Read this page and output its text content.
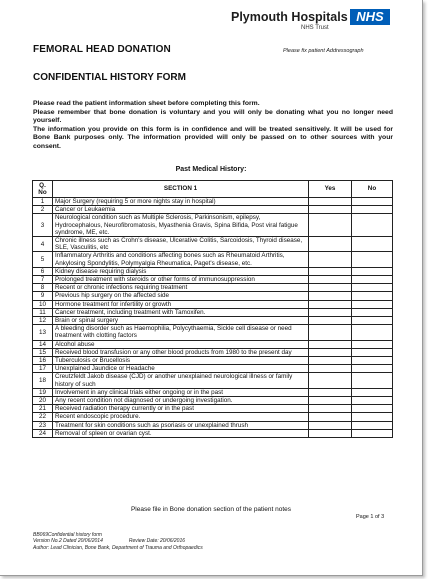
Plymouth Hospitals NHS
NHS Trust
FEMORAL HEAD DONATION	Please fix patient Addressograph
CONFIDENTIAL HISTORY FORM

Please read the patient information sheet before completing this form.

Please remember that bone donation is voluntary and you will only be donating what you no longer need yourself.

The information you provide on this form is in confidence and will be treated sensitively. It will be used for Bone Bank purposes only. The information provided will only be passed on to other sources with your consent.

Past Medical History:
Q. No	SECTION 1	Yes	No
1	Major Surgery (requiring 5 or more nights stay in hospital)		
2	Cancer or Leukaemia		
3	Neurological condition such as Multiple Sclerosis, Parkinsonism, epilepsy, Hydrocephalous, Neurofibromatosis, Myasthenia Gravis, Spina Bifida, Post viral fatigue syndrome, ME, etc.		
4	Chronic illness such as Crohn's disease, Ulcerative Colitis, Sarcoidosis, Thyroid disease, SLE, Vasculitis, etc		
5	Inflammatory Arthritis and conditions affecting bones such as Rheumatoid Arthritis, Ankylosing Spondylitis, Polymyalgia Rheumatica, Paget's disease, etc.		
6	Kidney disease requiring dialysis		
7	Prolonged treatment with steroids or other forms of immunosuppression		
8	Recent or chronic infections requiring treatment		
9	Previous hip surgery on the affected side		
10	Hormone treatment for infertility or growth		
11	Cancer treatment, including treatment with Tamoxifen.		
12	Brain or spinal surgery		
13	A bleeding disorder such as Haemophilia, Polycythaemia, Sickle cell disease or need treatment with clotting factors		
14	Alcohol abuse		
15	Received blood transfusion or any other blood products from 1980 to the present day		
16	Tuberculosis or Brucellosis		
17	Unexplained Jaundice or Headache		
18	Creutzfeldt Jakob disease (CJD) or another unexplained neurological illness or family history of such		
19	Involvement in any clinical trials either ongoing or in the past		
20	Any recent condition not diagnosed or undergoing investigation.		
21	Received radiation therapy currently or in the past		
22	Recent endoscopic procedure.		
23	Treatment for skin conditions such as psoriasis or unexplained thrush		
24	Removal of spleen or ovarian cyst.		
Please file in Bone donation section of the patient notes
Page 1 of 3
BB069Confidential history form
Version No.2 Dated 20/06/2014	Review Date: 20/06/2016
Author: Lead Clinician, Bone Bank, Department of Trauma and Orthopaedics
